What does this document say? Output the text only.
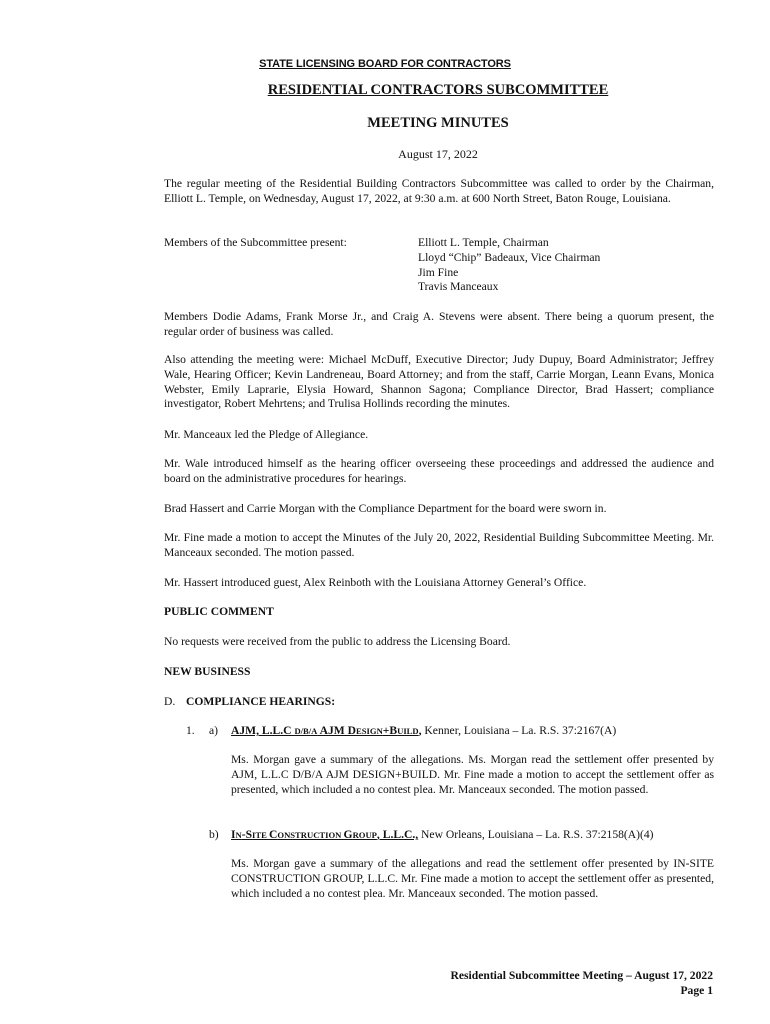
STATE LICENSING BOARD FOR CONTRACTORS
RESIDENTIAL CONTRACTORS SUBCOMMITTEE
MEETING MINUTES
August 17, 2022

The regular meeting of the Residential Building Contractors Subcommittee was called to order by the Chairman, Elliott L. Temple, on Wednesday, August 17, 2022, at 9:30 a.m. at 600 North Street, Baton Rouge, Louisiana.

Members of the Subcommittee present:	Elliott L. Temple, Chairman
Lloyd “Chip” Badeaux, Vice Chairman
Jim Fine
Travis Manceaux

Members Dodie Adams, Frank Morse Jr., and Craig A. Stevens were absent. There being a quorum present, the regular order of business was called.

Also attending the meeting were: Michael McDuff, Executive Director; Judy Dupuy, Board Administrator; Jeffrey Wale, Hearing Officer; Kevin Landreneau, Board Attorney; and from the staff, Carrie Morgan, Leann Evans, Monica Webster, Emily Laprarie, Elysia Howard, Shannon Sagona; Compliance Director, Brad Hassert; compliance investigator, Robert Mehrtens; and Trulisa Hollinds recording the minutes.

Mr. Manceaux led the Pledge of Allegiance.

Mr. Wale introduced himself as the hearing officer overseeing these proceedings and addressed the audience and board on the administrative procedures for hearings.

Brad Hassert and Carrie Morgan with the Compliance Department for the board were sworn in.

Mr. Fine made a motion to accept the Minutes of the July 20, 2022, Residential Building Subcommittee Meeting. Mr. Manceaux seconded. The motion passed.

Mr. Hassert introduced guest, Alex Reinboth with the Louisiana Attorney General’s Office.

PUBLIC COMMENT

No requests were received from the public to address the Licensing Board.

NEW BUSINESS
D. COMPLIANCE HEARINGS:
1. a) AJM, L.L.C D/B/A AJM DESIGN+BUILD, Kenner, Louisiana – La. R.S. 37:2167(A)

Ms. Morgan gave a summary of the allegations. Ms. Morgan read the settlement offer presented by AJM, L.L.C D/B/A AJM DESIGN+BUILD. Mr. Fine made a motion to accept the settlement offer as presented, which included a no contest plea. Mr. Manceaux seconded. The motion passed.

b) IN-SITE CONSTRUCTION GROUP, L.L.C., New Orleans, Louisiana – La. R.S. 37:2158(A)(4)

Ms. Morgan gave a summary of the allegations and read the settlement offer presented by IN-SITE CONSTRUCTION GROUP, L.L.C. Mr. Fine made a motion to accept the settlement offer as presented, which included a no contest plea. Mr. Manceaux seconded. The motion passed.

Residential Subcommittee Meeting – August 17, 2022
Page 1
